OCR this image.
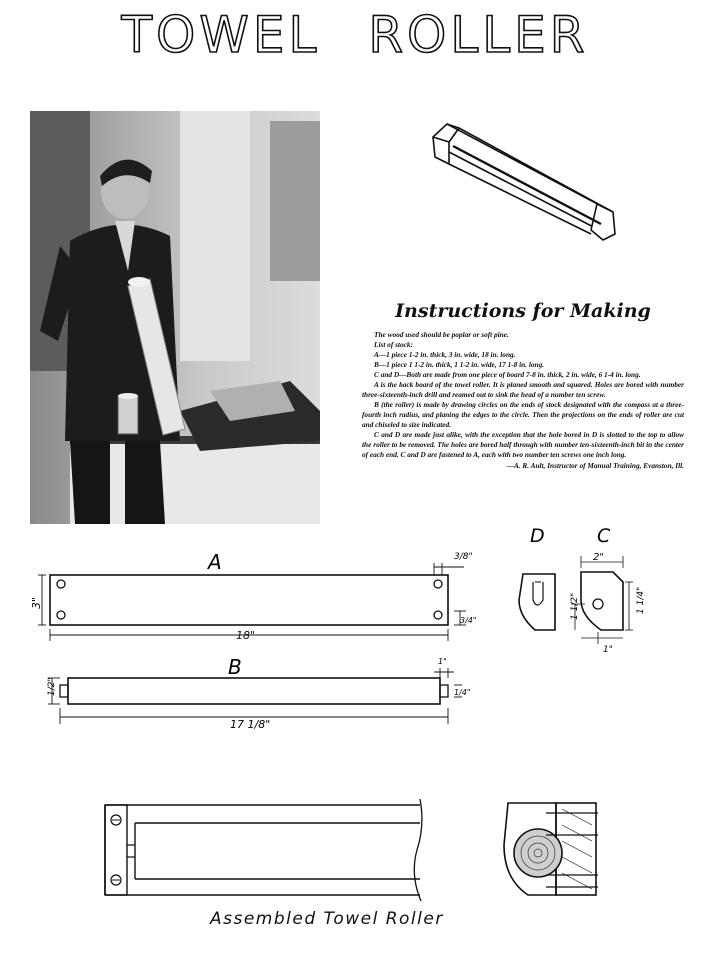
TOWEL ROLLER
Instructions for Making

The wood used should be poplar or soft pine.

List of stock:

A—1 piece 1-2 in. thick, 3 in. wide, 18 in. long.

B—1 piece 1 1-2 in. thick, 1 1-2 in. wide, 17 1-8 in. long.

C and D—Both are made from one piece of board 7-8 in. thick, 2 in. wide, 6 1-4 in. long.

A is the back board of the towel roller. It is planed smooth and squared. Holes are bored with number three-sixteenth-inch drill and reamed out to sink the head of a number ten screw.

B (the roller) is made by drawing circles on the ends of stock designated with the compass at a three-fourth inch radius, and planing the edges to the circle. Then the projections on the ends of roller are cut and chiseled to size indicated.

C and D are made just alike, with the exception that the hole bored in D is slotted to the top to allow the roller to be removed. The holes are bored half through with number ten-sixteenth-inch bit in the center of each end. C and D are fastened to A, each with two number ten screws one inch long.

—A. R. Ault, Instructor of Manual Training, Evanston, Ill.

A
3"
18"
3/8"
3/4"
B
1/2"
17 1/8"
1"
1/4"
D	C
2"
1 1/2"	1 1/4"
1"
Assembled Towel Roller
